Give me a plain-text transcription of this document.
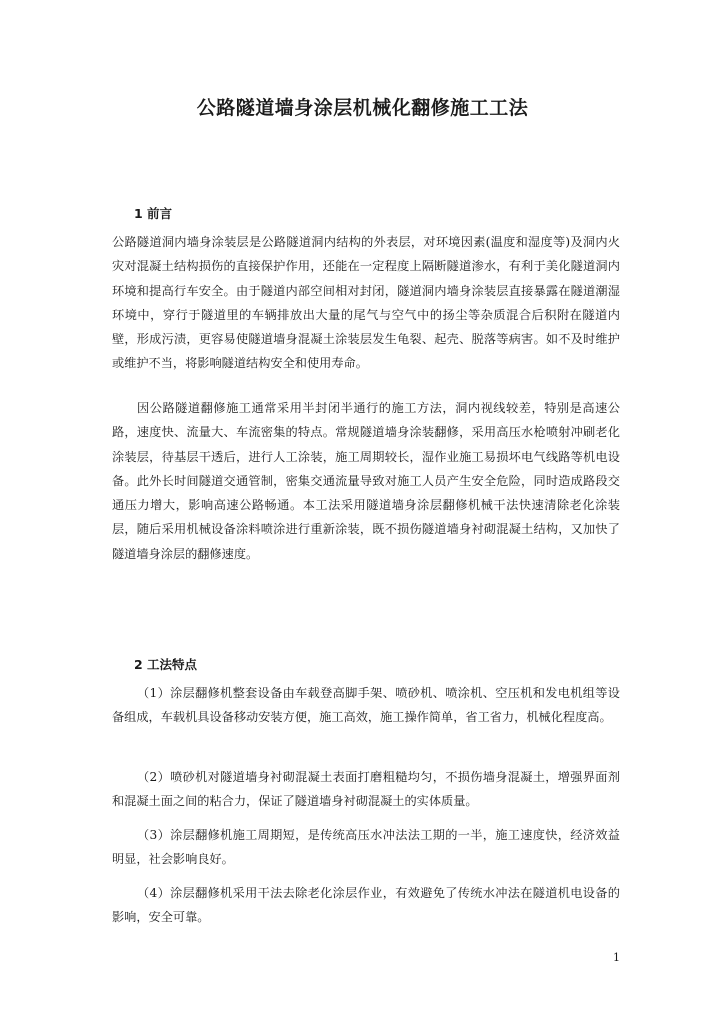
公路隧道墙身涂层机械化翻修施工工法
1 前言

公路隧道洞内墙身涂装层是公路隧道洞内结构的外表层，对环境因素(温度和湿度等)及洞内火灾对混凝土结构损伤的直接保护作用，还能在一定程度上隔断隧道渗水，有利于美化隧道洞内环境和提高行车安全。由于隧道内部空间相对封闭，隧道洞内墙身涂装层直接暴露在隧道潮湿环境中，穿行于隧道里的车辆排放出大量的尾气与空气中的扬尘等杂质混合后积附在隧道内壁，形成污渍，更容易使隧道墙身混凝土涂装层发生龟裂、起壳、脱落等病害。如不及时维护或维护不当，将影响隧道结构安全和使用寿命。

因公路隧道翻修施工通常采用半封闭半通行的施工方法，洞内视线较差，特别是高速公路，速度快、流量大、车流密集的特点。常规隧道墙身涂装翻修，采用高压水枪喷射冲刷老化涂装层，待基层干透后，进行人工涂装，施工周期较长，湿作业施工易损坏电气线路等机电设备。此外长时间隧道交通管制，密集交通流量导致对施工人员产生安全危险，同时造成路段交通压力增大，影响高速公路畅通。本工法采用隧道墙身涂层翻修机械干法快速清除老化涂装层，随后采用机械设备涂料喷涂进行重新涂装，既不损伤隧道墙身衬砌混凝土结构，又加快了隧道墙身涂层的翻修速度。

2 工法特点

（1）涂层翻修机整套设备由车载登高脚手架、喷砂机、喷涂机、空压机和发电机组等设备组成，车载机具设备移动安装方便，施工高效，施工操作简单，省工省力，机械化程度高。

（2）喷砂机对隧道墙身衬砌混凝土表面打磨粗糙均匀，不损伤墙身混凝土，增强界面剂和混凝土面之间的粘合力，保证了隧道墙身衬砌混凝土的实体质量。

（3）涂层翻修机施工周期短，是传统高压水冲法法工期的一半，施工速度快，经济效益明显，社会影响良好。

（4）涂层翻修机采用干法去除老化涂层作业，有效避免了传统水冲法在隧道机电设备的影响，安全可靠。

1
